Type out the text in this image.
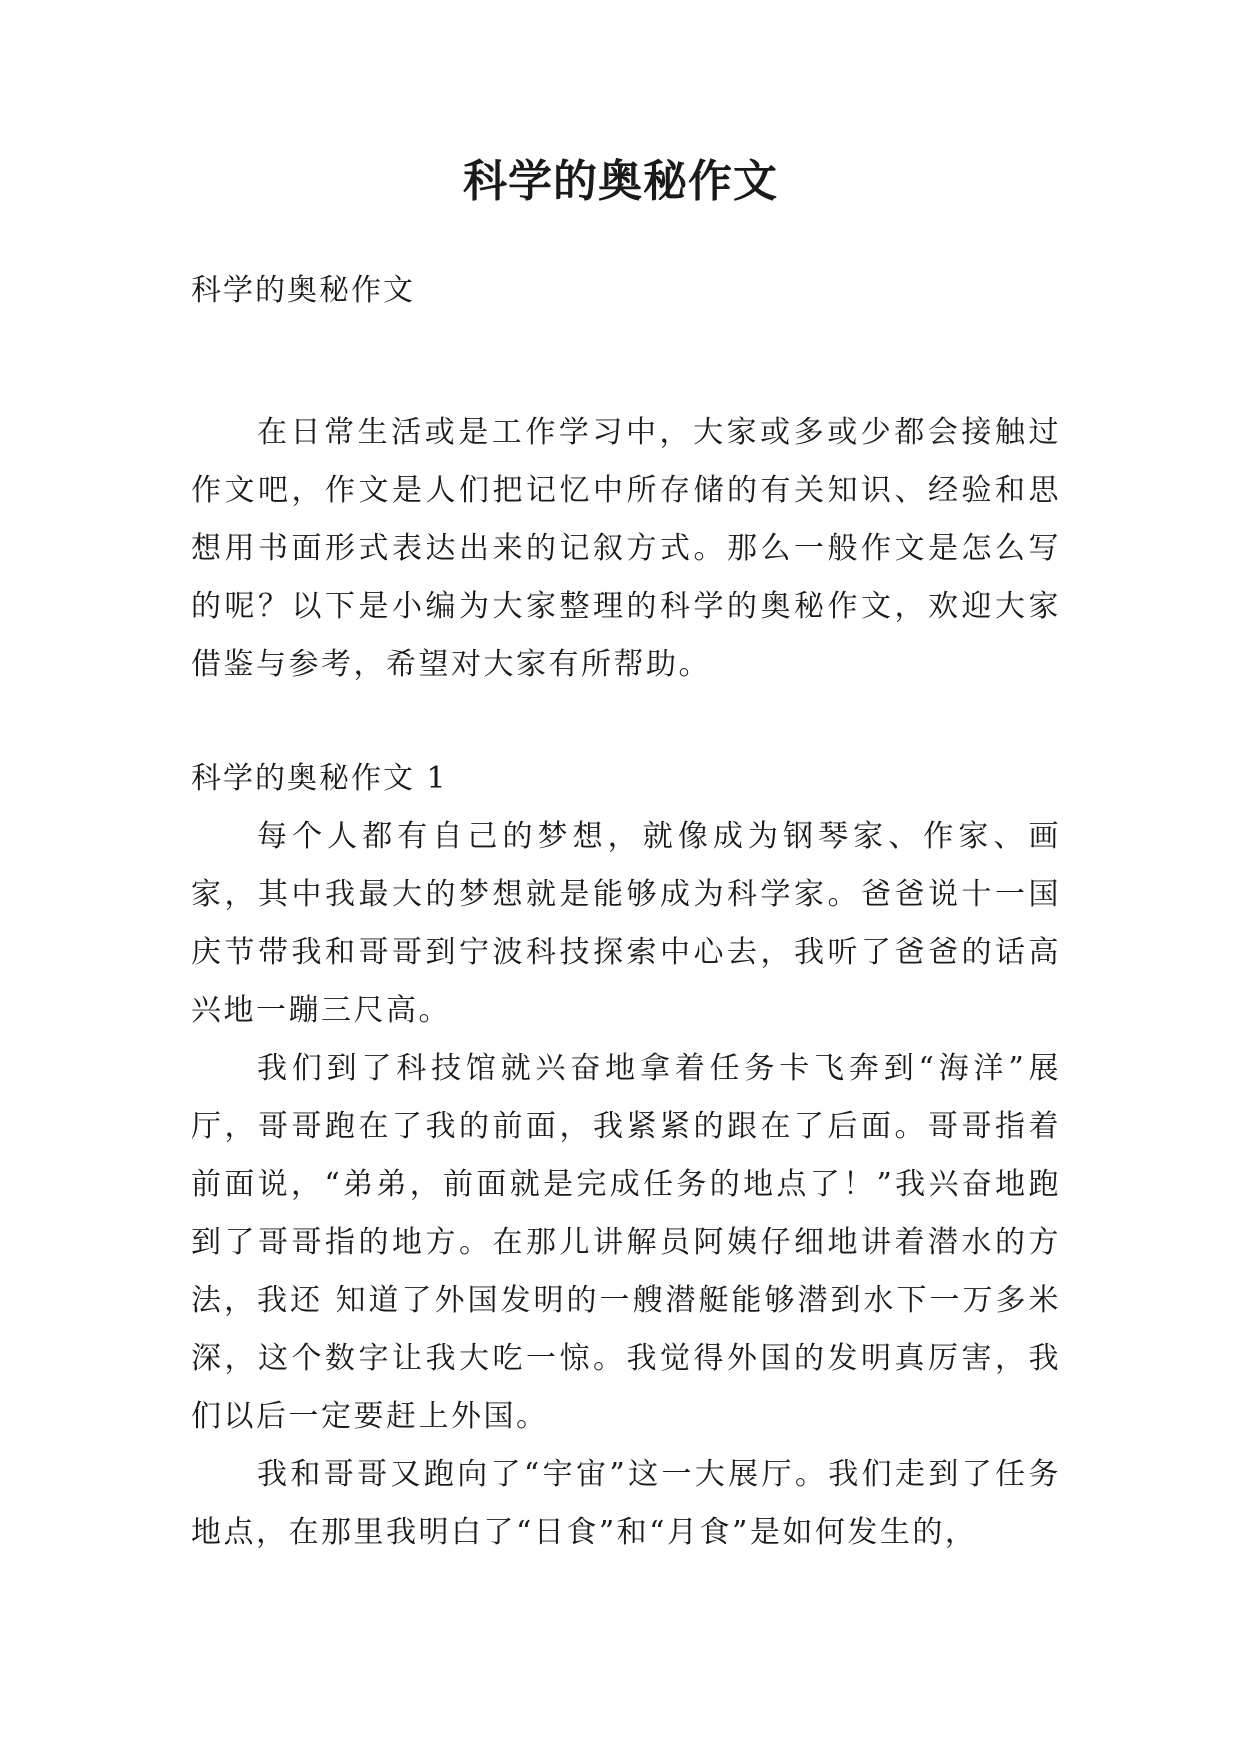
科学的奥秘作文
科学的奥秘作文
在日常生活或是工作学习中，大家或多或少都会接触过作文吧，作文是人们把记忆中所存储的有关知识、经验和思想用书面形式表达出来的记叙方式。那么一般作文是怎么写的呢？以下是小编为大家整理的科学的奥秘作文，欢迎大家借鉴与参考，希望对大家有所帮助。
科学的奥秘作文 1

每个人都有自己的梦想，就像成为钢琴家、作家、画家，其中我最大的梦想就是能够成为科学家。爸爸说十一国庆节带我和哥哥到宁波科技探索中心去，我听了爸爸的话高兴地一蹦三尺高。

我们到了科技馆就兴奋地拿着任务卡飞奔到“海洋”展厅，哥哥跑在了我的前面，我紧紧的跟在了后面。哥哥指着前面说，“弟弟，前面就是完成任务的地点了！”我兴奋地跑到了哥哥指的地方。在那儿讲解员阿姨仔细地讲着潜水的方法，我还 知道了外国发明的一艘潜艇能够潜到水下一万多米深，这个数字让我大吃一惊。我觉得外国的发明真厉害，我们以后一定要赶上外国。

我和哥哥又跑向了“宇宙”这一大展厅。我们走到了任务地点，在那里我明白了“日食”和“月食”是如何发生的，
